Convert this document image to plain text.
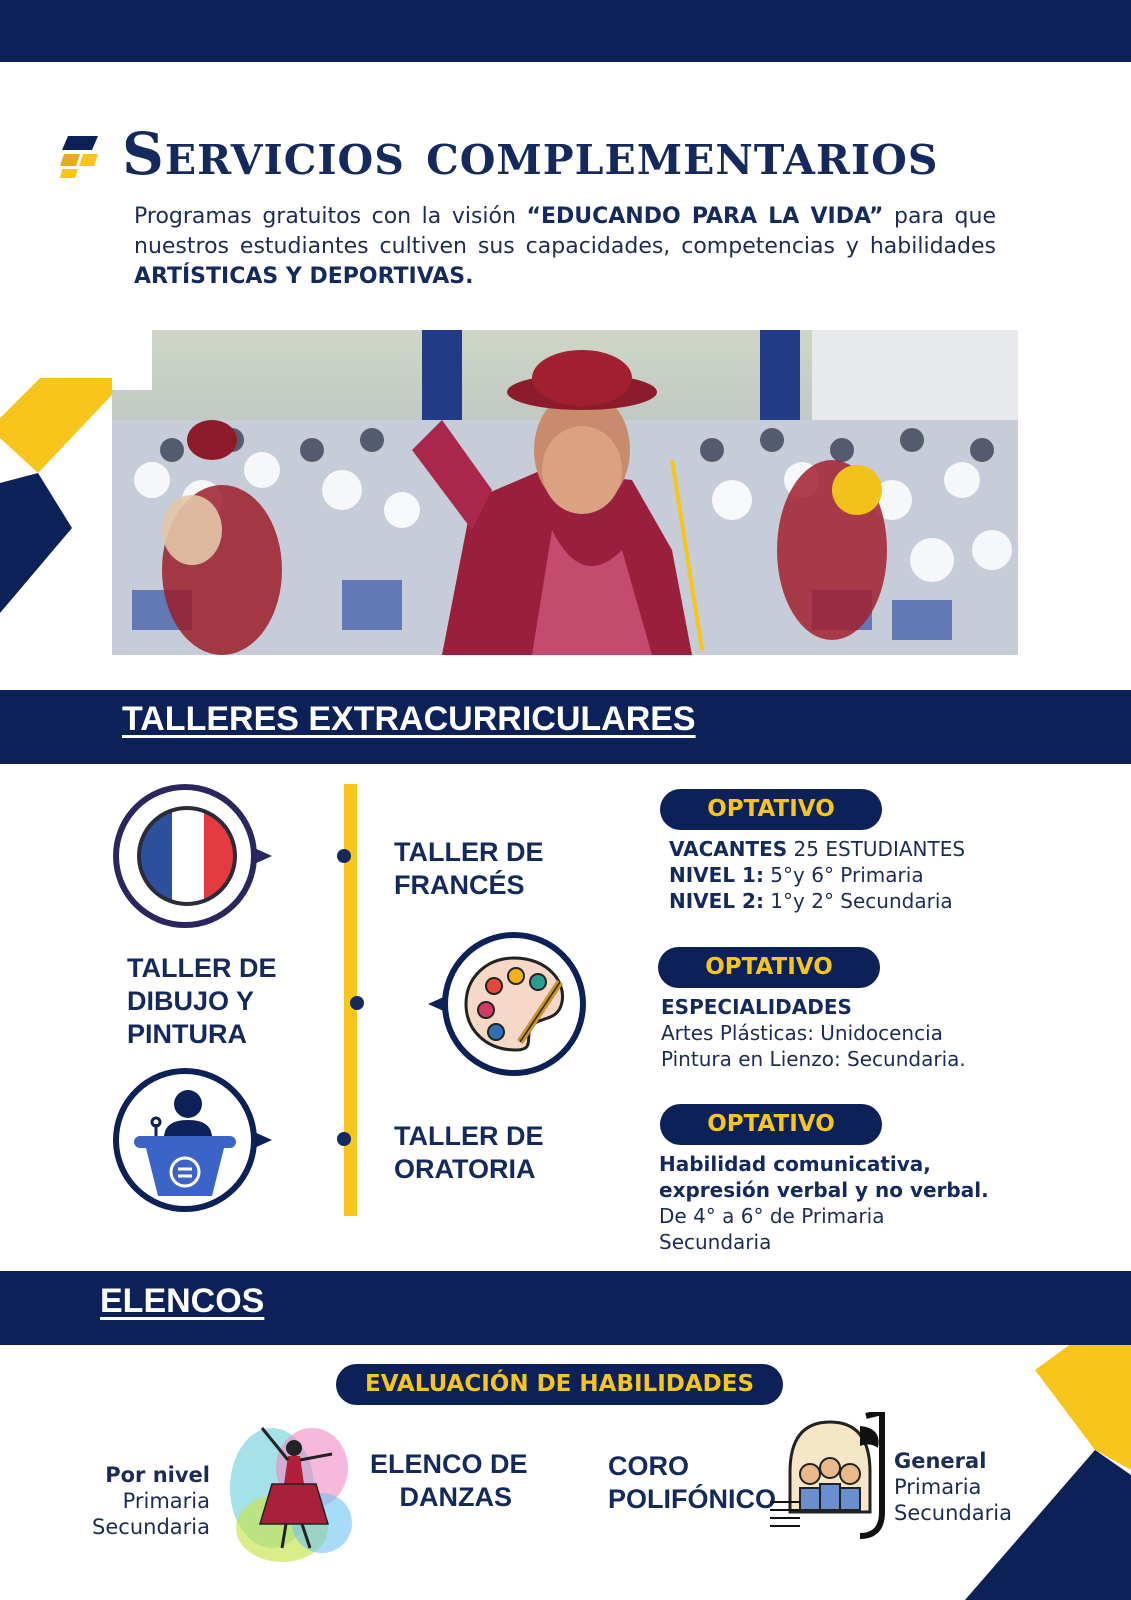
Servicios complementarios
Programas gratuitos con la visión “EDUCANDO PARA LA VIDA” para que nuestros estudiantes cultiven sus capacidades, competencias y habilidades ARTÍSTICAS Y DEPORTIVAS.
TALLERES EXTRACURRICULARES
TALLER DE
FRANCÉS
OPTATIVO
VACANTES 25 ESTUDIANTES
NIVEL 1: 5°y 6° Primaria
NIVEL 2: 1°y 2° Secundaria
TALLER DE
DIBUJO Y
PINTURA
OPTATIVO
ESPECIALIDADES
Artes Plásticas: Unidocencia
Pintura en Lienzo: Secundaria.
TALLER DE
ORATORIA
OPTATIVO
Habilidad comunicativa,
expresión verbal y no verbal.
De 4° a 6° de Primaria
Secundaria
ELENCOS
EVALUACIÓN DE HABILIDADES
Por nivel
Primaria
Secundaria
ELENCO DE
DANZAS
CORO
POLIFÓNICO
General
Primaria
Secundaria
